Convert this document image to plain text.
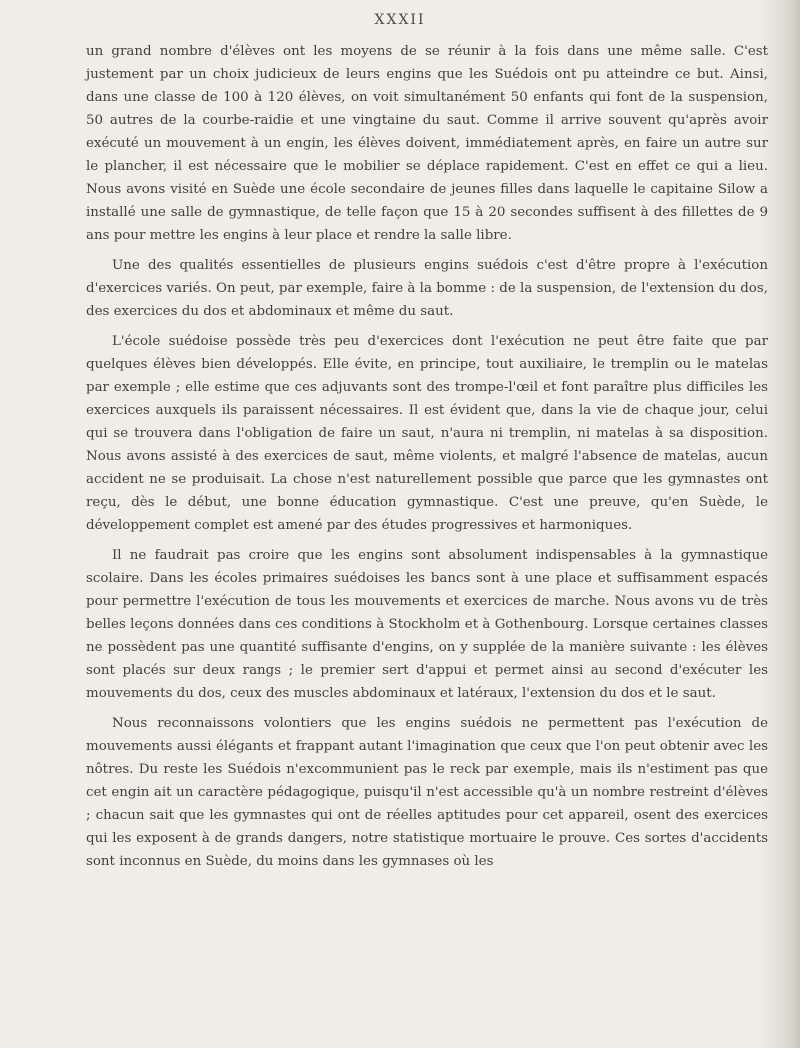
XXXII

un grand nombre d'élèves ont les moyens de se réunir à la fois dans une même salle. C'est justement par un choix judicieux de leurs engins que les Suédois ont pu atteindre ce but. Ainsi, dans une classe de 100 à 120 élèves, on voit simultanément 50 enfants qui font de la suspension, 50 autres de la courbe-raidie et une vingtaine du saut. Comme il arrive souvent qu'après avoir exécuté un mouvement à un engin, les élèves doivent, immédiatement après, en faire un autre sur le plancher, il est nécessaire que le mobilier se déplace rapidement. C'est en effet ce qui a lieu. Nous avons visité en Suède une école secondaire de jeunes filles dans laquelle le capitaine Silow a installé une salle de gymnastique, de telle façon que 15 à 20 secondes suffisent à des fillettes de 9 ans pour mettre les engins à leur place et rendre la salle libre.

Une des qualités essentielles de plusieurs engins suédois c'est d'être propre à l'exécution d'exercices variés. On peut, par exemple, faire à la bomme : de la suspension, de l'extension du dos, des exercices du dos et abdominaux et même du saut.

L'école suédoise possède très peu d'exercices dont l'exécution ne peut être faite que par quelques élèves bien développés. Elle évite, en principe, tout auxiliaire, le tremplin ou le matelas par exemple ; elle estime que ces adjuvants sont des trompe-l'œil et font paraître plus difficiles les exercices auxquels ils paraissent nécessaires. Il est évident que, dans la vie de chaque jour, celui qui se trouvera dans l'obligation de faire un saut, n'aura ni tremplin, ni matelas à sa disposition. Nous avons assisté à des exercices de saut, même violents, et malgré l'absence de matelas, aucun accident ne se produisait. La chose n'est naturellement possible que parce que les gymnastes ont reçu, dès le début, une bonne éducation gymnastique. C'est une preuve, qu'en Suède, le développement complet est amené par des études progressives et harmoniques.

Il ne faudrait pas croire que les engins sont absolument indispensables à la gymnastique scolaire. Dans les écoles primaires suédoises les bancs sont à une place et suffisamment espacés pour permettre l'exécution de tous les mouvements et exercices de marche. Nous avons vu de très belles leçons données dans ces conditions à Stockholm et à Gothenbourg. Lorsque certaines classes ne possèdent pas une quantité suffisante d'engins, on y supplée de la manière suivante : les élèves sont placés sur deux rangs ; le premier sert d'appui et permet ainsi au second d'exécuter les mouvements du dos, ceux des muscles abdominaux et latéraux, l'extension du dos et le saut.

Nous reconnaissons volontiers que les engins suédois ne permettent pas l'exécution de mouvements aussi élégants et frappant autant l'imagination que ceux que l'on peut obtenir avec les nôtres. Du reste les Suédois n'excommunient pas le reck par exemple, mais ils n'estiment pas que cet engin ait un caractère pédagogique, puisqu'il n'est accessible qu'à un nombre restreint d'élèves ; chacun sait que les gymnastes qui ont de réelles aptitudes pour cet appareil, osent des exercices qui les exposent à de grands dangers, notre statistique mortuaire le prouve. Ces sortes d'accidents sont inconnus en Suède, du moins dans les gymnases où les
